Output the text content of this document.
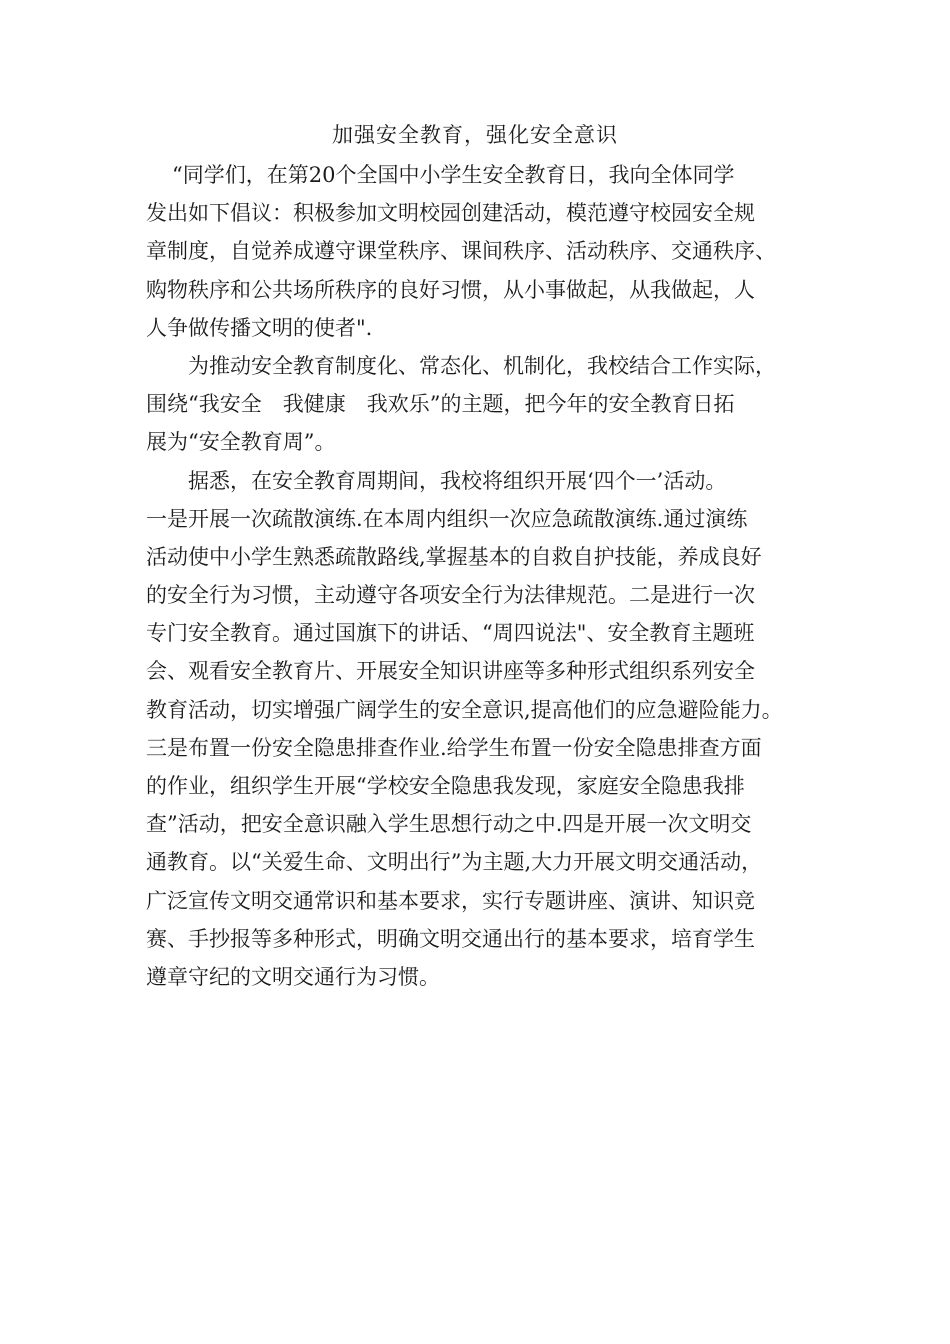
加强安全教育，强化安全意识
“同学们，在第20个全国中小学生安全教育日，我向全体同学
发出如下倡议：积极参加文明校园创建活动，模范遵守校园安全规
章制度，自觉养成遵守课堂秩序、课间秩序、活动秩序、交通秩序、
购物秩序和公共场所秩序的良好习惯，从小事做起，从我做起，人
人争做传播文明的使者".
为推动安全教育制度化、常态化、机制化，我校结合工作实际，
围绕“我安全　我健康　我欢乐”的主题，把今年的安全教育日拓
展为“安全教育周”。
据悉，在安全教育周期间，我校将组织开展‘四个一’活动。
一是开展一次疏散演练.在本周内组织一次应急疏散演练.通过演练
活动使中小学生熟悉疏散路线,掌握基本的自救自护技能，养成良好
的安全行为习惯，主动遵守各项安全行为法律规范。二是进行一次
专门安全教育。通过国旗下的讲话、“周四说法"、安全教育主题班
会、观看安全教育片、开展安全知识讲座等多种形式组织系列安全
教育活动，切实增强广阔学生的安全意识,提高他们的应急避险能力。
三是布置一份安全隐患排查作业.给学生布置一份安全隐患排查方面
的作业，组织学生开展“学校安全隐患我发现，家庭安全隐患我排
查”活动，把安全意识融入学生思想行动之中.四是开展一次文明交
通教育。以“关爱生命、文明出行”为主题,大力开展文明交通活动，
广泛宣传文明交通常识和基本要求，实行专题讲座、演讲、知识竞
赛、手抄报等多种形式，明确文明交通出行的基本要求，培育学生
遵章守纪的文明交通行为习惯。
